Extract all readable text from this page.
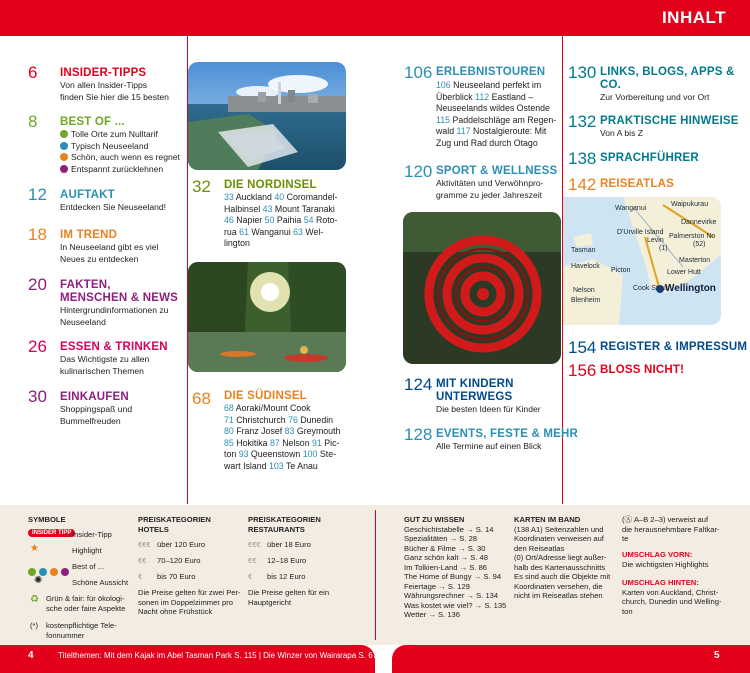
INHALT
6 INSIDER-TIPPS
Von allen Insider-Tipps
finden Sie hier die 15 besten
8 BEST OF ...
Tolle Orte zum Nulltarif
Typisch Neuseeland
Schön, auch wenn es regnet
Entspannt zurücklehnen
12 AUFTAKT
Entdecken Sie Neuseeland!
18 IM TREND
In Neuseeland gibt es viel
Neues zu entdecken
20 FAKTEN,
MENSCHEN & NEWS
Hintergrundinformationen zu
Neuseeland
26 ESSEN & TRINKEN
Das Wichtigste zu allen
kulinarischen Themen
30 EINKAUFEN
Shoppingspaß und
Bummelfreuden
32 DIE NORDINSEL
33 Auckland 40 Coromandel-
Halbinsel 43 Mount Taranaki
46 Napier 50 Paihia 54 Roto-
rua 61 Wanganui 63 Wel-
lington
68 DIE SÜDINSEL
68 Aoraki/Mount Cook
71 Christchurch 76 Dunedin
80 Franz Josef 83 Greymouth
85 Hokitika 87 Nelson 91 Pic-
ton 93 Queenstown 100 Ste-
wart Island 103 Te Anau
106 ERLEBNISTOUREN
106 Neuseeland perfekt im
Überblick 112 Eastland –
Neuseelands wildes Ostende
115 Paddelschläge am Regen-
wald 117 Nostalgieroute: Mit
Zug und Rad durch Otago
120 SPORT & WELLNESS
Aktivitäten und Verwöhnpro-
gramme zu jeder Jahreszeit
124 MIT KINDERN
UNTERWEGS
Die besten Ideen für Kinder
128 EVENTS, FESTE & MEHR
Alle Termine auf einen Blick
130 LINKS, BLOGS, APPS &
CO.
Zur Vorbereitung und vor Ort
132 PRAKTISCHE HINWEISE
Von A bis Z
138 SPRACHFÜHRER
142 REISEATLAS
154 REGISTER & IMPRESSUM
156 BLOSS NICHT!
Wanganui
Waipukurau
Dannevirke
Palmerston No
Levin
D'Urville Island
Masterton
Lower Hutt
Wellington
Tasman
Nelson
Blenheim
Picton
Cook Strait
Havelock
(52)
(1)
SYMBOLE
INSIDER TIPP Insider-Tipp
★	Highlight
Best of ...
✺	Schöne Aussicht
♻ Grün & fair: für ökologi-
sche oder faire Aspekte
(*) kostenpflichtige Tele-
fonnummer
PREISKATEGORIEN
HOTELS
€€€ über 120 Euro
€€ 70–120 Euro
€ bis 70 Euro
Die Preise gelten für zwei Per-
sonen im Doppelzimmer pro
Nacht ohne Frühstück
PREISKATEGORIEN
RESTAURANTS
€€€ über 18 Euro
€€ 12–18 Euro
€ bis 12 Euro
Die Preise gelten für ein
Hauptgericht
GUT ZU WISSEN
Geschichtstabelle → S. 14
Spezialitäten → S. 28
Bücher & Filme → S. 30
Ganz schön kalt → S. 48
Im Tolkien-Land → S. 86
The Home of Bungy → S. 94
Feiertage → S. 129
Währungsrechner → S. 134
Was kostet wie viel? → S. 135
Wetter → S. 136
KARTEN IM BAND
(138 A1) Seitenzahlen und
Koordinaten verweisen auf
den Reiseatlas
(0) Ort/Adresse liegt außer-
halb des Kartenausschnitts
Es sind auch die Objekte mit
Koordinaten versehen, die
nicht im Reiseatlas stehen
(Ⓐ A–B 2–3) verweist auf
die herausnehmbare Faltkar-
te
UMSCHLAG VORN:
Die wichtigsten Highlights
UMSCHLAG HINTEN:
Karten von Auckland, Christ-
church, Dunedin und Welling-
ton
4	Titelthemen: Mit dem Kajak im Abel Tasman Park S. 115 | Die Winzer von Wairarapa S. 67	5
